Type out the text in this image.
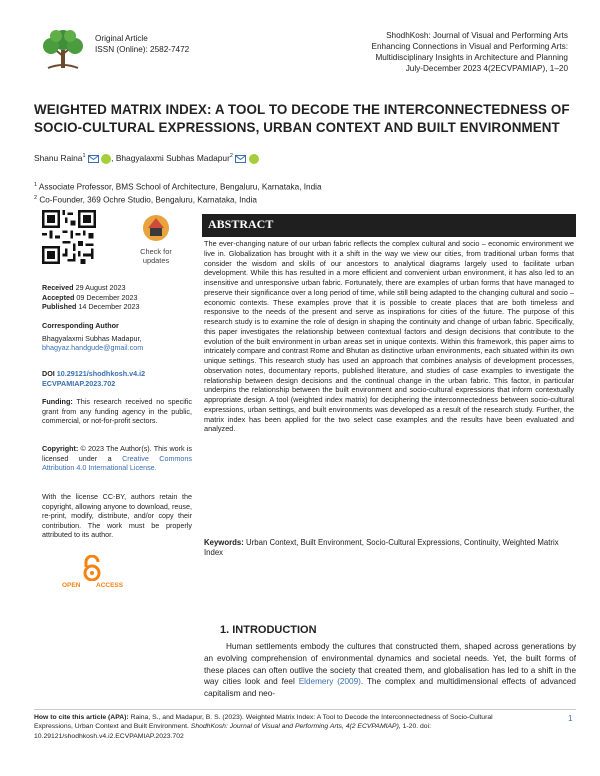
Original Article
ISSN (Online): 2582-7472
ShodhKosh: Journal of Visual and Performing Arts
Enhancing Connections in Visual and Performing Arts:
Multidisciplinary Insights in Architecture and Planning
July-December 2023 4(2ECVPAMIAP), 1–20
WEIGHTED MATRIX INDEX: A TOOL TO DECODE THE INTERCONNECTEDNESS OF
SOCIO-CULTURAL EXPRESSIONS, URBAN CONTEXT AND BUILT ENVIRONMENT
Shanu Raina$^1$	, Bhagyalaxmi Subhas Madapur$^2$

$^1$ Associate Professor, BMS School of Architecture, Bengaluru, Karnataka, India
$^2$ Co-Founder, 369 Ochre Studio, Bengaluru, Karnataka, India
Check for
updates
Received 29 August 2023
Accepted 09 December 2023
Published 14 December 2023
Corresponding Author
Bhagyalaxmi Subhas Madapur,
bhagyaz.handgude@gmail.com
DOI 10.29121/shodhkosh.v4.i2
ECVPAMIAP.2023.702
Funding: This research received no specific grant from any funding agency in the public, commercial, or not-for-profit sectors.
Copyright: © 2023 The Author(s). This work is licensed under a Creative Commons Attribution 4.0 International License.
With the license CC-BY, authors retain the copyright, allowing anyone to download, reuse, re-print, modify, distribute, and/or copy their contribution. The work must be properly attributed to its author.
OPEN ACCESS
ABSTRACT
The ever-changing nature of our urban fabric reflects the complex cultural and socio – economic environment we live in. Globalization has brought with it a shift in the way we view our cities, from traditional urban forms that consider the wisdom and skills of our ancestors to analytical diagrams largely used to facilitate urban development. While this has resulted in a more efficient and convenient urban environment, it has also led to an insensitive and unresponsive urban fabric. Fortunately, there are examples of urban forms that have managed to preserve their significance over a long period of time, while still being adapted to the changing cultural and socio – economic contexts. These examples prove that it is possible to create places that are both timeless and responsive to the needs of the present and serve as inspirations for cities of the future. The purpose of this research study is to examine the role of design in shaping the continuity and change of urban fabric. Specifically, this paper investigates the relationship between contextual factors and design decisions that contribute to the evolution of the built environment in urban areas set in unique contexts. Within this framework, this paper aims to intricately compare and contrast Rome and Bhutan as distinctive urban environments, each situated within its own unique settings. This research study has used an approach that combines analysis of development processes, observation notes, documentary reports, published literature, and studies of case examples to investigate the relationship between design decisions and the continual change in the urban fabric. This factor, in particular underpins the relationship between the built environment and socio-cultural expressions that inform contextually appropriate design. A tool (weighted index matrix) for deciphering the interconnectedness between socio-cultural expressions, urban settings, and built environments was developed as a result of the research study. Further, the matrix index has been applied for the two select case examples and the results have been evaluated and analyzed.
Keywords: Urban Context, Built Environment, Socio-Cultural Expressions, Continuity, Weighted Matrix Index
1. INTRODUCTION
Human settlements embody the cultures that constructed them, shaped across generations by an evolving comprehension of environmental dynamics and societal needs. Yet, the built forms of these places can often outlive the society that created them, and globalisation has led to a shift in the way cities look and feel Eldemery (2009). The complex and multidimensional effects of advanced capitalism and neo-
How to cite this article (APA): Raina, S., and Madapur, B. S. (2023). Weighted Matrix Index: A Tool to Decode the Interconnectedness of Socio-Cultural Expressions, Urban Context and Built Environment. ShodhKosh: Journal of Visual and Performing Arts, 4(2 ECVPAMIAP), 1-20. doi: 10.29121/shodhkosh.v4.i2.ECVPAMIAP.2023.702
1
